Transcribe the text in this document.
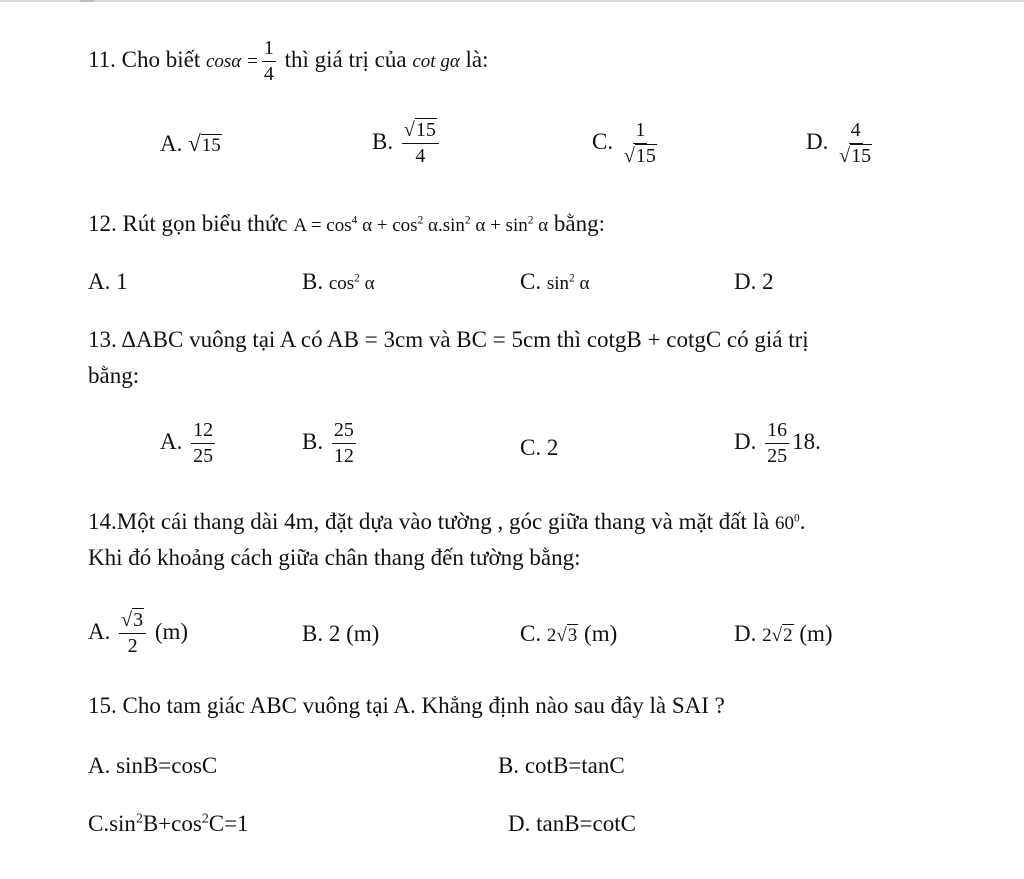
11. Cho biết $\cos\alpha = \frac{1}{4}$ thì giá trị của cot gα là:
A. √15	B. $\frac{√15}{4}$	C. $\frac{1}{√15}$	D. $\frac{4}{√15}$
12. Rút gọn biểu thức $A = \cos^4 \alpha + \cos^2 \alpha.\sin^2$ $\alpha + \sin^2 \alpha$ bằng:
A. 1	B. $\cos^2 \alpha$	C. $\sin^2 \alpha$	D. 2
13. ΔABC vuông tại A có AB = 3cm và BC = 5cm thì cotgB + cotgC có giá trị
bằng:
A. $\frac{12}{25}$	B. $\frac{25}{12}$	C. 2	D. $\frac{16}{25} 18$.
14.Một cái thang dài 4m, đặt dựa vào tường , góc giữa thang và mặt đất là $60^0$.
Khi đó khoảng cách giữa chân thang đến tường bằng:
A. $\frac{√3}{2} (m)$	B. 2 (m)	C. 2√3 (m)	D. 2√2 (m)
15. Cho tam giác ABC vuông tại A. Khẳng định nào sau đây là SAI ?
A. sinB=cosC	B. cotB=tanC
$C.\sin^2B+\cos^2C=1$	D. tanB=cotC
